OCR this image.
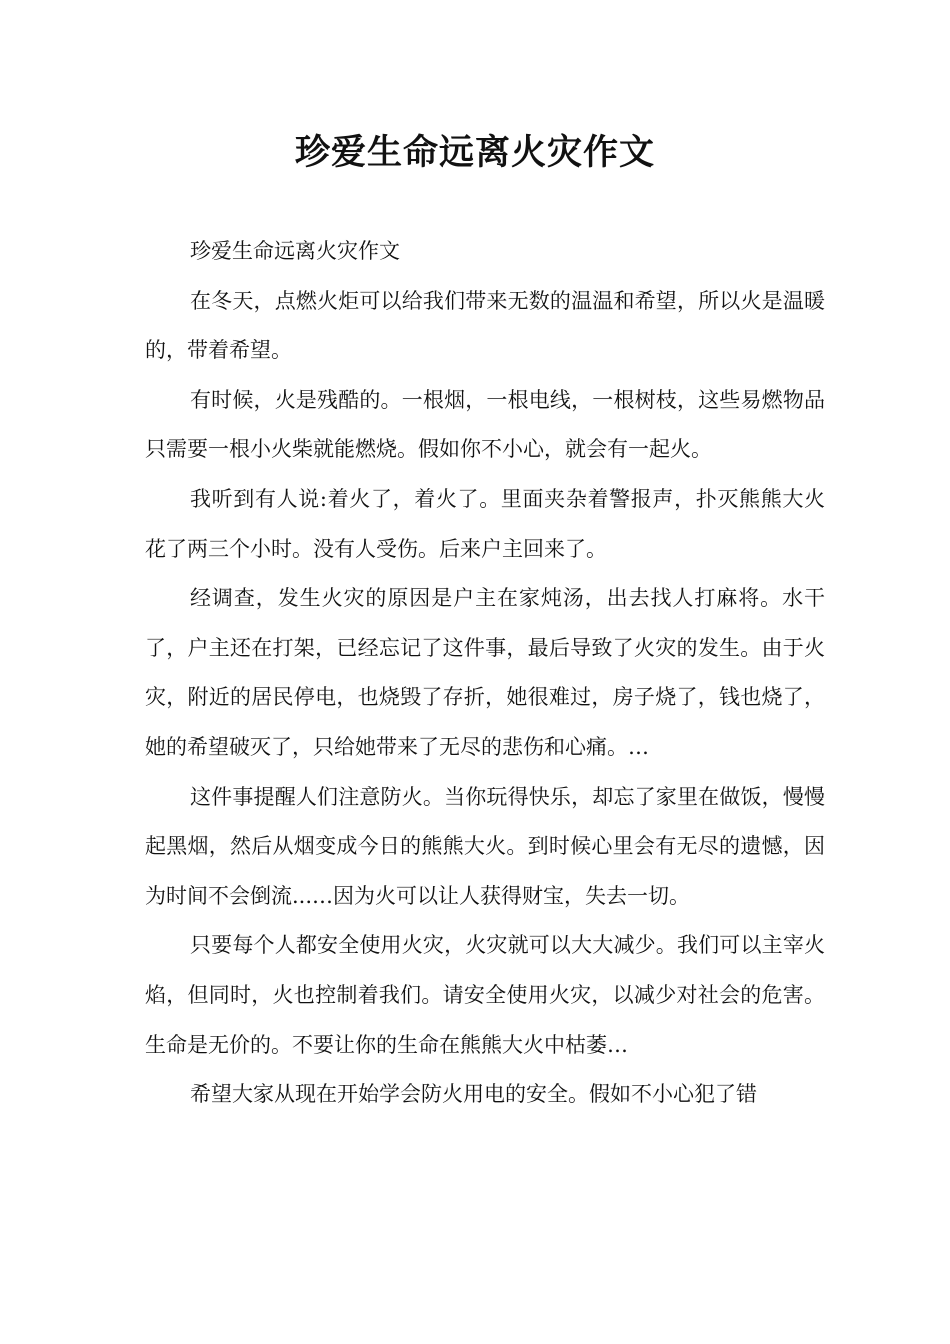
珍爱生命远离火灾作文

珍爱生命远离火灾作文

在冬天，点燃火炬可以给我们带来无数的温温和希望，所以火是温暖的，带着希望。

有时候，火是残酷的。一根烟，一根电线，一根树枝，这些易燃物品只需要一根小火柴就能燃烧。假如你不小心，就会有一起火。

我听到有人说:着火了，着火了。里面夹杂着警报声，扑灭熊熊大火花了两三个小时。没有人受伤。后来户主回来了。

经调查，发生火灾的原因是户主在家炖汤，出去找人打麻将。水干了，户主还在打架，已经忘记了这件事，最后导致了火灾的发生。由于火灾，附近的居民停电，也烧毁了存折，她很难过，房子烧了，钱也烧了，她的希望破灭了，只给她带来了无尽的悲伤和心痛。…

这件事提醒人们注意防火。当你玩得快乐，却忘了家里在做饭，慢慢起黑烟，然后从烟变成今日的熊熊大火。到时候心里会有无尽的遗憾，因为时间不会倒流...…因为火可以让人获得财宝，失去一切。

只要每个人都安全使用火灾，火灾就可以大大减少。我们可以主宰火焰，但同时，火也控制着我们。请安全使用火灾，以减少对社会的危害。生命是无价的。不要让你的生命在熊熊大火中枯萎…

希望大家从现在开始学会防火用电的安全。假如不小心犯了错
